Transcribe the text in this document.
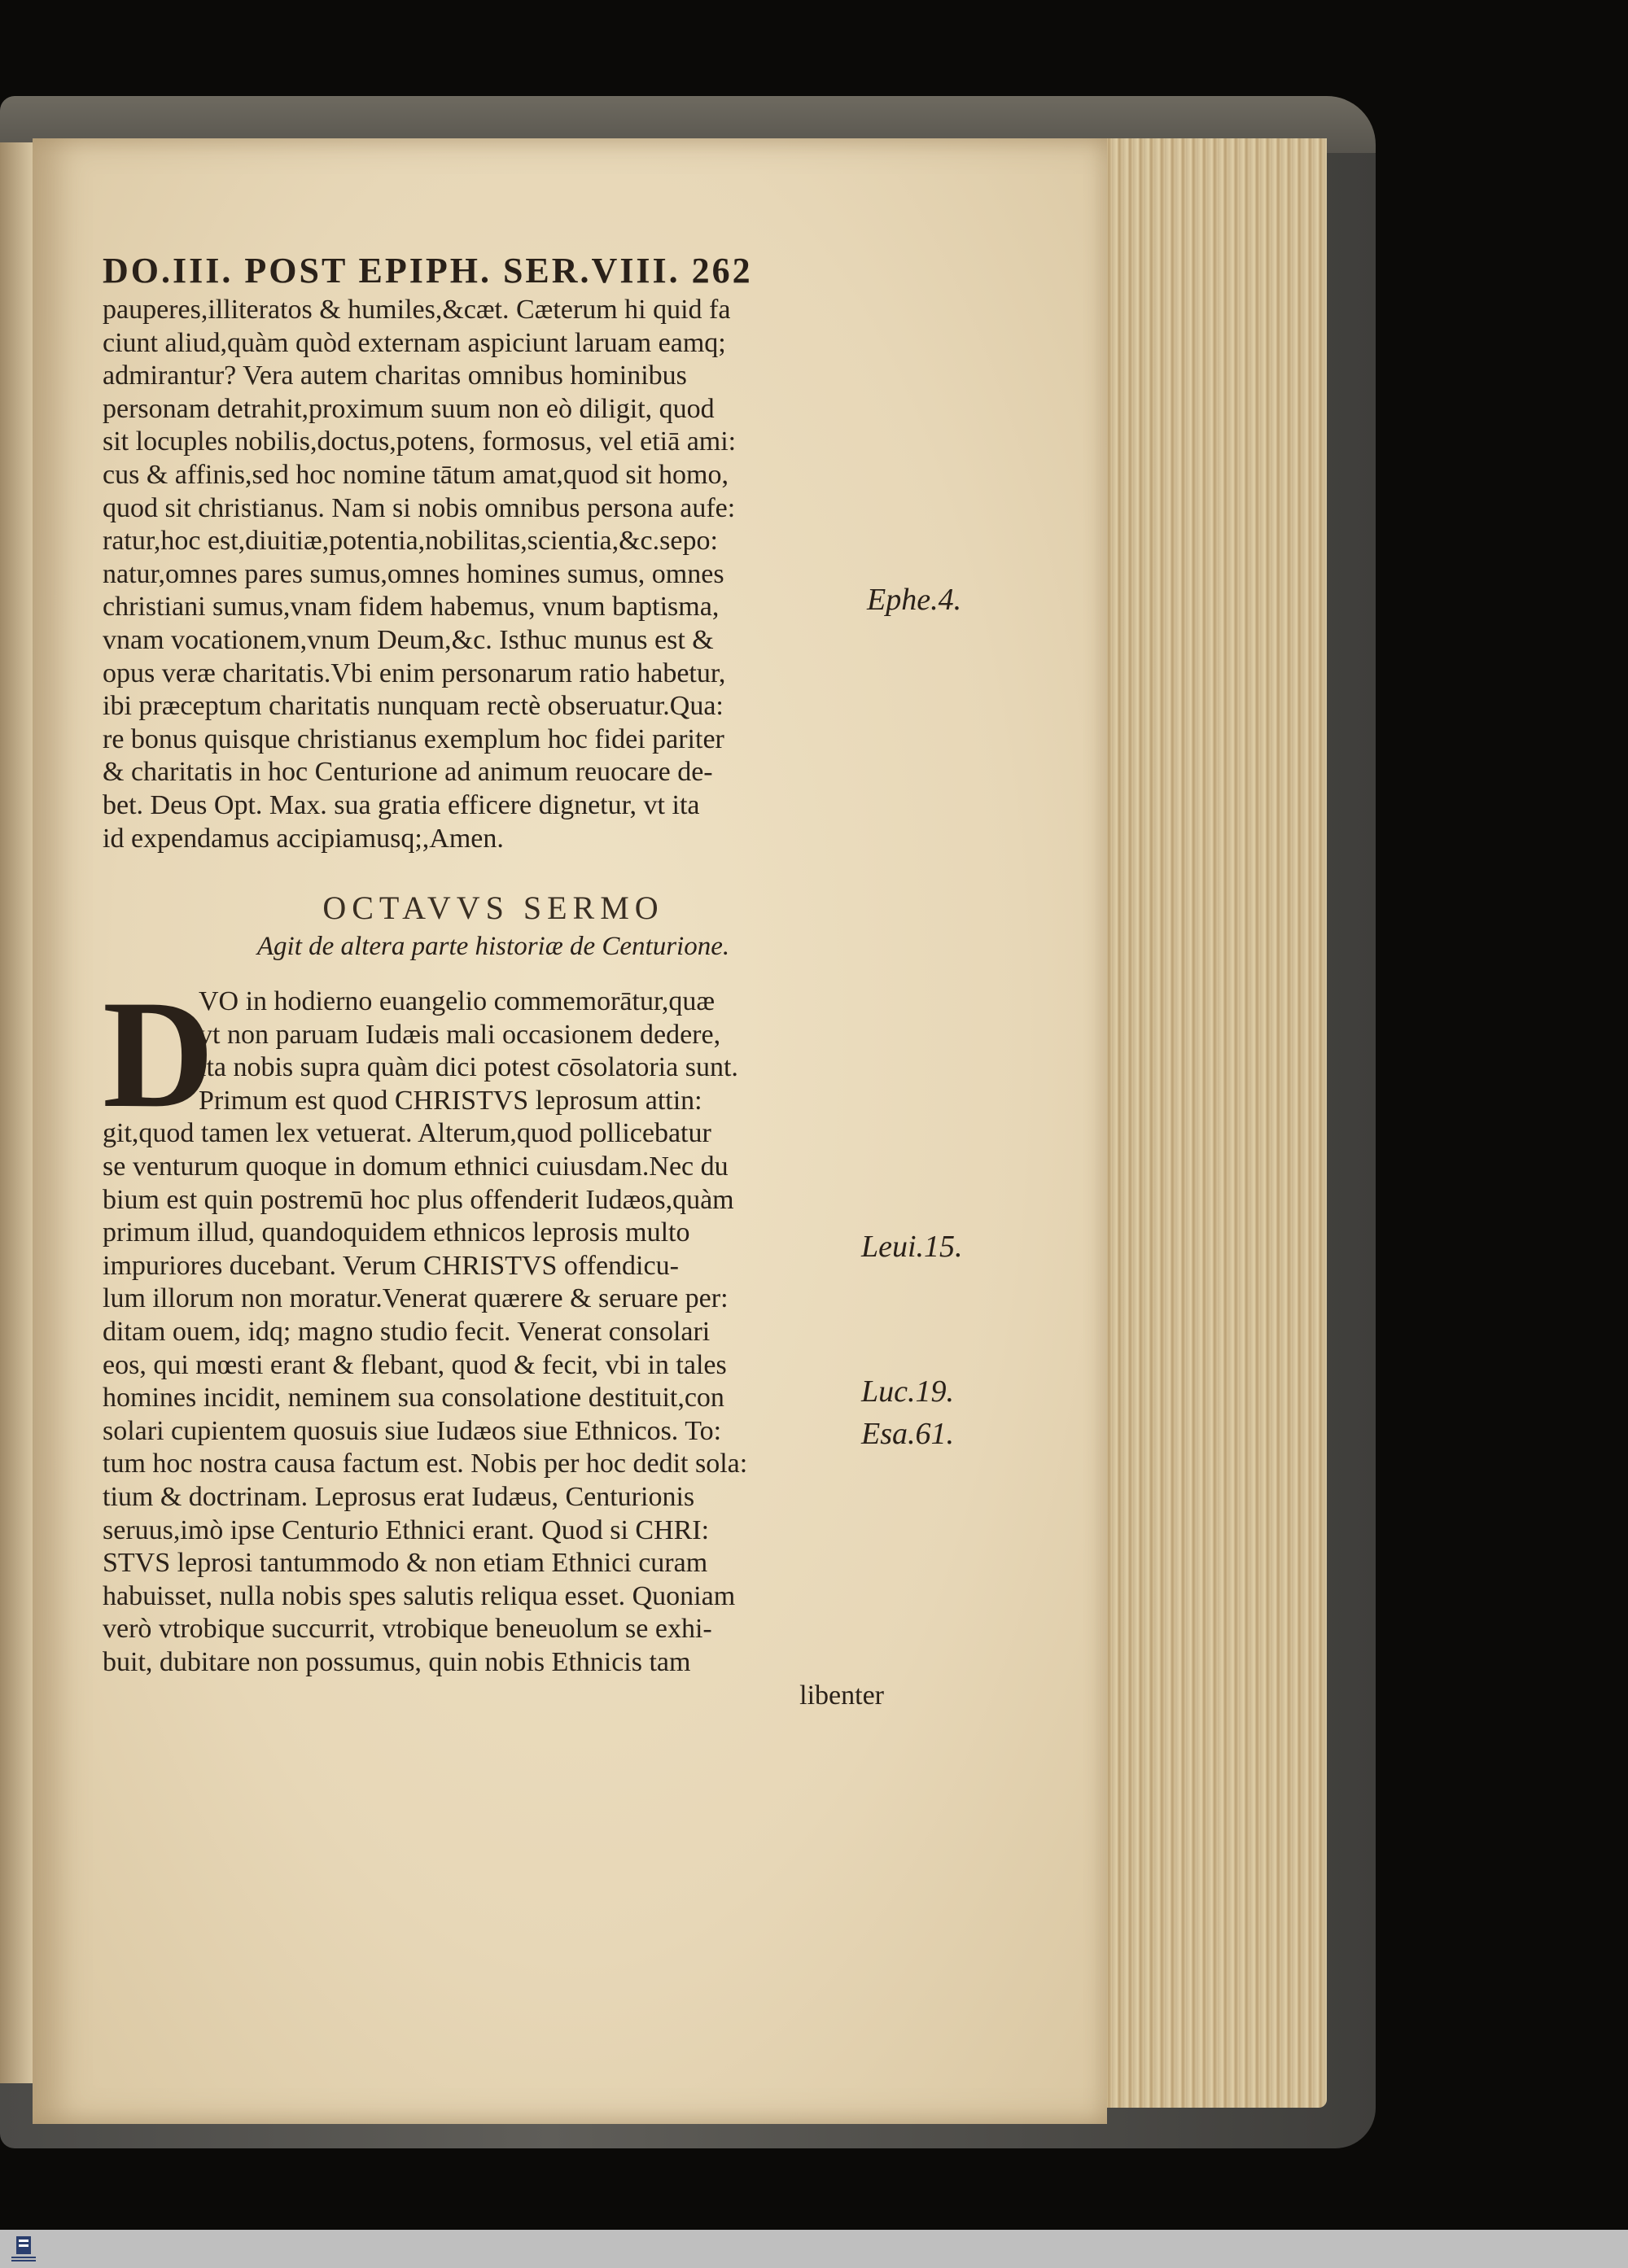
DO.III. POST EPIPH. SER.VIII. 262
pauperes,illiteratos & humiles,&cæt. Cæterum hi quid fa
ciunt aliud,quàm quòd externam aspiciunt laruam eamq;
admirantur? Vera autem charitas omnibus hominibus
personam detrahit,proximum suum non eò diligit, quod
sit locuples nobilis,doctus,potens, formosus, vel etiā ami:
cus & affinis,sed hoc nomine tātum amat,quod sit homo,
quod sit christianus. Nam si nobis omnibus persona aufe:
ratur,hoc est,diuitiæ,potentia,nobilitas,scientia,&c.sepo:
natur,omnes pares sumus,omnes homines sumus, omnes
christiani sumus,vnam fidem habemus, vnum baptisma,
vnam vocationem,vnum Deum,&c. Isthuc munus est &
opus veræ charitatis.Vbi enim personarum ratio habetur,
ibi præceptum charitatis nunquam rectè obseruatur.Qua:
re bonus quisque christianus exemplum hoc fidei pariter
& charitatis in hoc Centurione ad animum reuocare de-
bet. Deus Opt. Max. sua gratia efficere dignetur, vt ita
id expendamus accipiamusq;,Amen.
OCTAVVS SERMO
Agit de altera parte historiæ de Centurione.
D
VO in hodierno euangelio commemorātur,quæ
vt non paruam Iudæis mali occasionem dedere,
ita nobis supra quàm dici potest cōsolatoria sunt.
Primum est quod CHRISTVS leprosum attin:
git,quod tamen lex vetuerat. Alterum,quod pollicebatur
se venturum quoque in domum ethnici cuiusdam.Nec du
bium est quin postremū hoc plus offenderit Iudæos,quàm
primum illud, quandoquidem ethnicos leprosis multo
impuriores ducebant. Verum CHRISTVS offendicu-
lum illorum non moratur.Venerat quærere & seruare per:
ditam ouem, idq; magno studio fecit. Venerat consolari
eos, qui mœsti erant & flebant, quod & fecit, vbi in tales
homines incidit, neminem sua consolatione destituit,con
solari cupientem quosuis siue Iudæos siue Ethnicos. To:
tum hoc nostra causa factum est. Nobis per hoc dedit sola:
tium & doctrinam. Leprosus erat Iudæus, Centurionis
seruus,imò ipse Centurio Ethnici erant. Quod si CHRI:
STVS leprosi tantummodo & non etiam Ethnici curam
habuisset, nulla nobis spes salutis reliqua esset. Quoniam
verò vtrobique succurrit, vtrobique beneuolum se exhi-
buit, dubitare non possumus, quin nobis Ethnicis tam
libenter
Ephe.4.
Leui.15.
Luc.19.
Esa.61.
